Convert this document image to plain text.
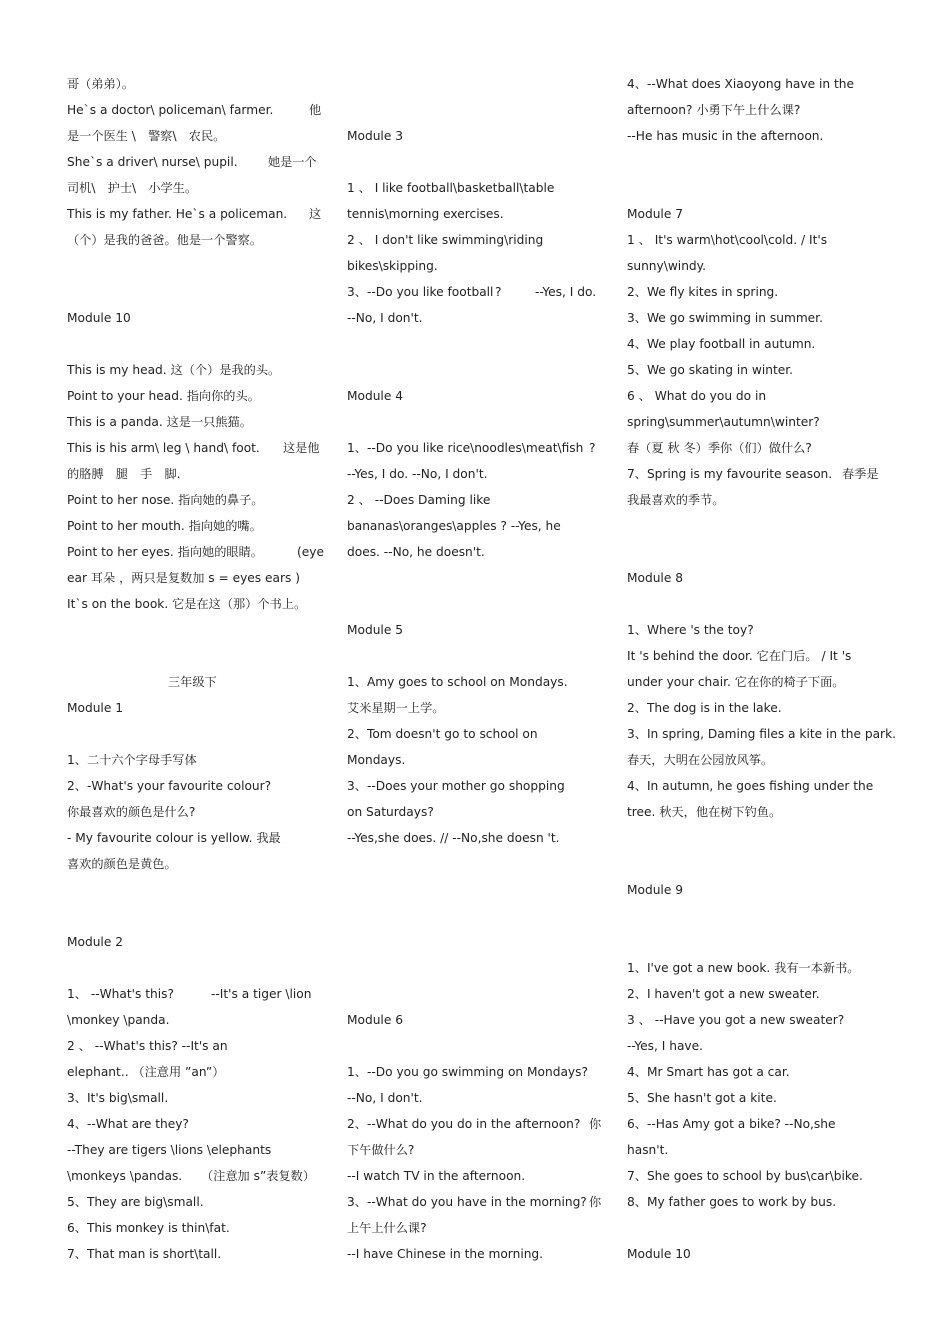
哥（弟弟）。
He`s a doctor\ policeman\ farmer.	他
是一个医生 \　警察\　农民。
She`s a driver\ nurse\ pupil. 她是一个
司机\　护士\　小学生。
This is my father. He`s a policeman. 这
（个）是我的爸爸。他是一个警察。
Module 10
This is my head. 这（个）是我的头。
Point to your head. 指向你的头。
This is a panda. 这是一只熊猫。
This is his arm\ leg \ hand\ foot. 这是他
的胳膊　腿　手　脚.
Point to her nose. 指向她的鼻子。
Point to her mouth. 指向她的嘴。
Point to her eyes. 指向她的眼睛。	(eye
ear 耳朵 ，两只是复数加 s = eyes ears )
It`s on the book. 它是在这（那）个书上。
三年级下
Module 1
1、二十六个字母手写体
2、-What's your favourite colour?
你最喜欢的颜色是什么?
- My favourite colour is yellow. 我最
喜欢的颜色是黄色。
Module 2
1、 --What's this?	--It's a tiger \lion
\monkey \panda.
2 、 --What's this? --It's an
elephant.. （注意用 ”an”）
3、It's big\small.
4、--What are they?
--They are tigers \lions \elephants
\monkeys \pandas. （注意加 s”表复数）
5、They are big\small.
6、This monkey is thin\fat.
7、That man is short\tall.
Module 3
1 、 I like football\basketball\table
tennis\morning exercises.
2 、 I don't like swimming\riding
bikes\skipping.
3、--Do you like football ?	--Yes, I do.
--No, I don't.
Module 4
1、--Do you like rice\noodles\meat\fish ?
--Yes, I do. --No, I don't.
2 、 --Does Daming like
bananas\oranges\apples ? --Yes, he
does. --No, he doesn't.
Module 5
1、Amy goes to school on Mondays.
艾米星期一上学。
2、Tom doesn't go to school on
Mondays.
3、--Does your mother go shopping
on Saturdays?
--Yes,she does. // --No,she doesn 't.
Module 6
1、--Do you go swimming on Mondays?
--No, I don't.
2、--What do you do in the afternoon? 你
下午做什么?
--I watch TV in the afternoon.
3、--What do you have in the morning? 你
上午上什么课?
--I have Chinese in the morning.
4、--What does Xiaoyong have in the
afternoon? 小勇下午上什么课?
--He has music in the afternoon.
Module 7
1 、 It's warm\hot\cool\cold. / It's
sunny\windy.
2、We fly kites in spring.
3、We go swimming in summer.
4、We play football in autumn.
5、We go skating in winter.
6 、 What do you do in
spring\summer\autumn\winter?
春（夏 秋 冬）季你（们）做什么?
7、Spring is my favourite season. 春季是
我最喜欢的季节。
Module 8
1、Where 's the toy?
It 's behind the door. 它在门后。 / It 's
under your chair. 它在你的椅子下面。
2、The dog is in the lake.
3、In spring, Daming files a kite in the park.
春天，大明在公园放风筝。
4、In autumn, he goes fishing under the
tree. 秋天，他在树下钓鱼。
Module 9
1、I've got a new book. 我有一本新书。
2、I haven't got a new sweater.
3 、 --Have you got a new sweater?
--Yes, I have.
4、Mr Smart has got a car.
5、She hasn't got a kite.
6、--Has Amy got a bike? --No,she
hasn't.
7、She goes to school by bus\car\bike.
8、My father goes to work by bus.
Module 10
